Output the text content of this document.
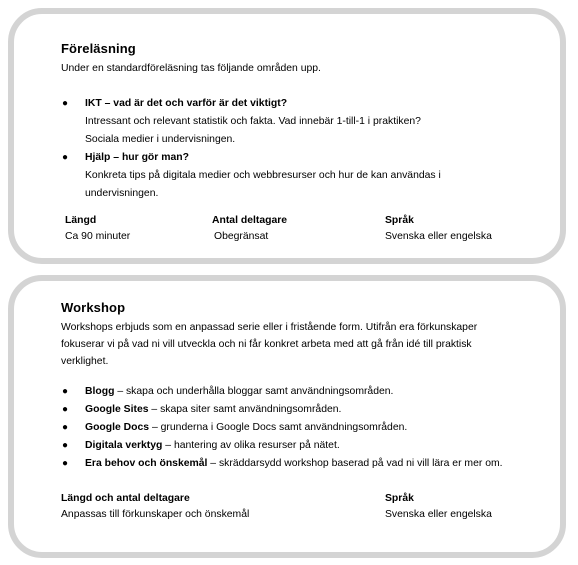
Föreläsning
Under en standardföreläsning tas följande områden upp.
● IKT – vad är det och varför är det viktigt?
Intressant och relevant statistik och fakta. Vad innebär 1-till-1 i praktiken?
Sociala medier i undervisningen.
● Hjälp – hur gör man?
Konkreta tips på digitala medier och webbresurser och hur de kan användas i
undervisningen.
Längd
Ca 90 minuter
Antal deltagare
Obegränsat
Språk
Svenska eller engelska
Workshop
Workshops erbjuds som en anpassad serie eller i fristående form. Utifrån era förkunskaper
fokuserar vi på vad ni vill utveckla och ni får konkret arbeta med att gå från idé till praktisk
verklighet.
● Blogg – skapa och underhålla bloggar samt användningsområden.
● Google Sites – skapa siter samt användningsområden.
● Google Docs – grunderna i Google Docs samt användningsområden.
● Digitala verktyg – hantering av olika resurser på nätet.
● Era behov och önskemål – skräddarsydd workshop baserad på vad ni vill lära er mer om.
Längd och antal deltagare
Anpassas till förkunskaper och önskemål
Språk
Svenska eller engelska
